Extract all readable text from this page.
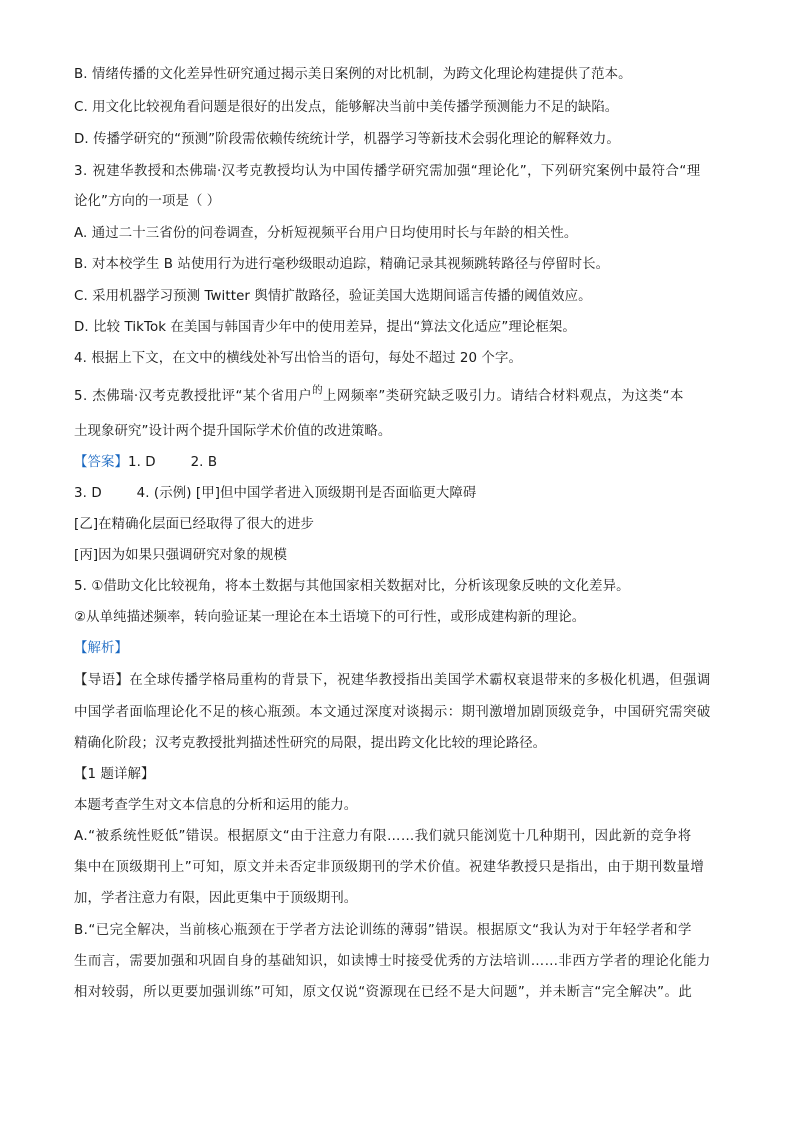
B. 情绪传播的文化差异性研究通过揭示美日案例的对比机制，为跨文化理论构建提供了范本。
C. 用文化比较视角看问题是很好的出发点，能够解决当前中美传播学预测能力不足的缺陷。
D. 传播学研究的“预测”阶段需依赖传统统计学，机器学习等新技术会弱化理论的解释效力。
3. 祝建华教授和杰佛瑞·汉考克教授均认为中国传播学研究需加强“理论化”，下列研究案例中最符合“理
论化”方向的一项是（ ）
A. 通过二十三省份的问卷调查，分析短视频平台用户日均使用时长与年龄的相关性。
B. 对本校学生 B 站使用行为进行毫秒级眼动追踪，精确记录其视频跳转路径与停留时长。
C. 采用机器学习预测 Twitter 舆情扩散路径，验证美国大选期间谣言传播的阈值效应。
D. 比较 TikTok 在美国与韩国青少年中的使用差异，提出“算法文化适应”理论框架。
4. 根据上下文，在文中的横线处补写出恰当的语句，每处不超过 20 个字。
5. 杰佛瑞·汉考克教授批评“某个省用户$^的$上网频率”类研究缺乏吸引力。请结合材料观点，为这类“本
土现象研究”设计两个提升国际学术价值的改进策略。
【答案】1. D        2. B
3. D        4. (示例) [甲]但中国学者进入顶级期刊是否面临更大障碍
[乙]在精确化层面已经取得了很大的进步
[丙]因为如果只强调研究对象的规模
5. ①借助文化比较视角，将本土数据与其他国家相关数据对比，分析该现象反映的文化差异。
②从单纯描述频率，转向验证某一理论在本土语境下的可行性，或形成建构新的理论。
【解析】
【导语】在全球传播学格局重构的背景下，祝建华教授指出美国学术霸权衰退带来的多极化机遇，但强调
中国学者面临理论化不足的核心瓶颈。本文通过深度对谈揭示：期刊激增加剧顶级竞争，中国研究需突破
精确化阶段；汉考克教授批判描述性研究的局限，提出跨文化比较的理论路径。
【1 题详解】
本题考查学生对文本信息的分析和运用的能力。
A.“被系统性贬低”错误。根据原文“由于注意力有限……我们就只能浏览十几种期刊，因此新的竞争将
集中在顶级期刊上”可知，原文并未否定非顶级期刊的学术价值。祝建华教授只是指出，由于期刊数量增
加，学者注意力有限，因此更集中于顶级期刊。
B.“已完全解决，当前核心瓶颈在于学者方法论训练的薄弱”错误。根据原文“我认为对于年轻学者和学
生而言，需要加强和巩固自身的基础知识，如读博士时接受优秀的方法培训……非西方学者的理论化能力
相对较弱，所以更要加强训练”可知，原文仅说“资源现在已经不是大问题”，并未断言“完全解决”。此
